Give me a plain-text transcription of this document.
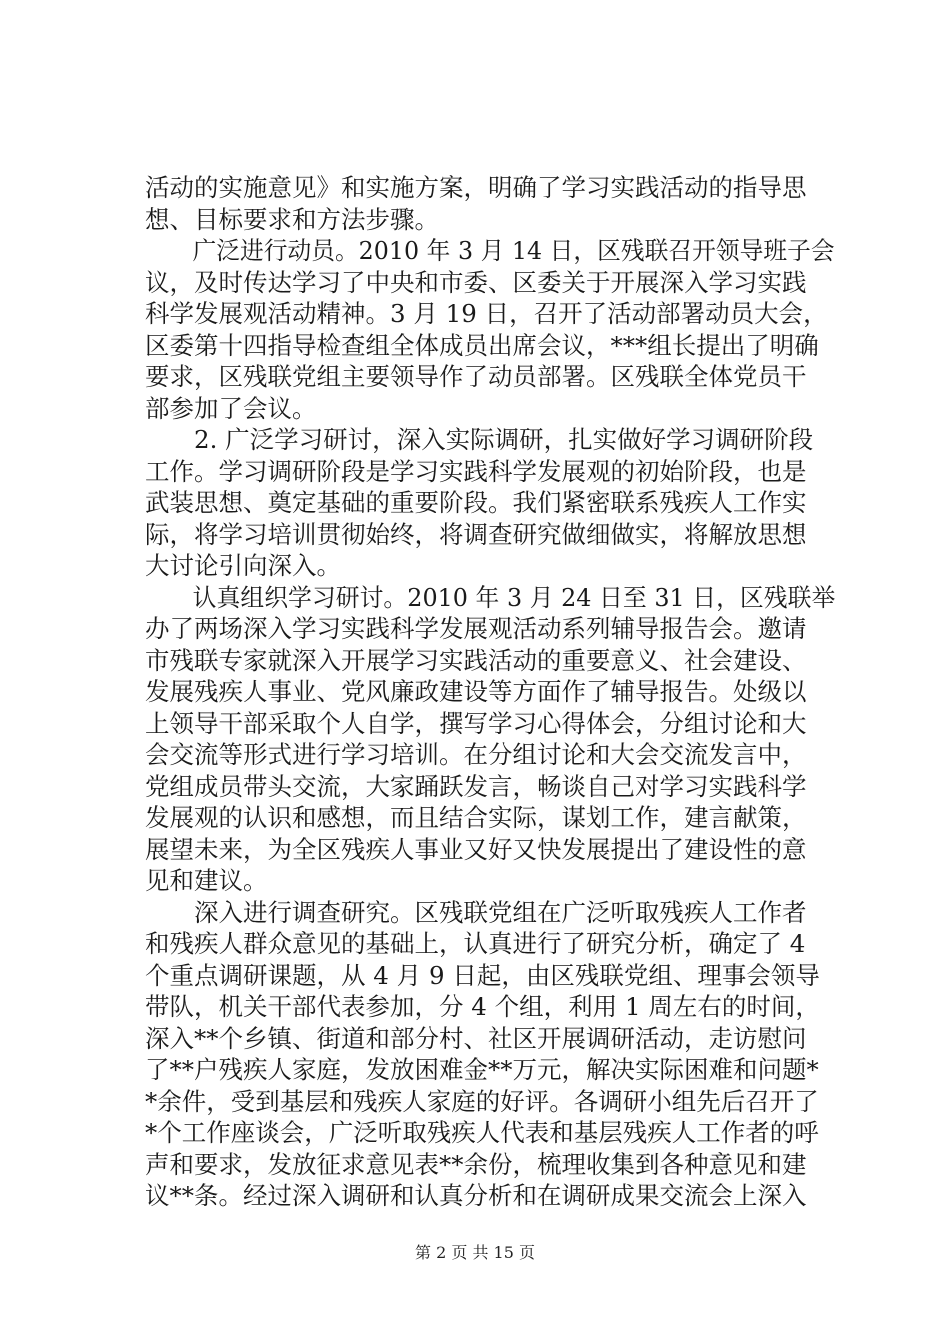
活动的实施意见》和实施方案，明确了学习实践活动的指导思
想、目标要求和方法步骤。
　　广泛进行动员。2010 年 3 月 14 日，区残联召开领导班子会
议，及时传达学习了中央和市委、区委关于开展深入学习实践
科学发展观活动精神。3 月 19 日，召开了活动部署动员大会，
区委第十四指导检查组全体成员出席会议，***组长提出了明确
要求，区残联党组主要领导作了动员部署。区残联全体党员干
部参加了会议。
　　2. 广泛学习研讨，深入实际调研，扎实做好学习调研阶段
工作。学习调研阶段是学习实践科学发展观的初始阶段，也是
武装思想、奠定基础的重要阶段。我们紧密联系残疾人工作实
际，将学习培训贯彻始终，将调查研究做细做实，将解放思想
大讨论引向深入。
　　认真组织学习研讨。2010 年 3 月 24 日至 31 日，区残联举
办了两场深入学习实践科学发展观活动系列辅导报告会。邀请
市残联专家就深入开展学习实践活动的重要意义、社会建设、
发展残疾人事业、党风廉政建设等方面作了辅导报告。处级以
上领导干部采取个人自学，撰写学习心得体会，分组讨论和大
会交流等形式进行学习培训。在分组讨论和大会交流发言中，
党组成员带头交流，大家踊跃发言，畅谈自己对学习实践科学
发展观的认识和感想，而且结合实际，谋划工作，建言献策，
展望未来，为全区残疾人事业又好又快发展提出了建设性的意
见和建议。
　　深入进行调查研究。区残联党组在广泛听取残疾人工作者
和残疾人群众意见的基础上，认真进行了研究分析，确定了 4
个重点调研课题，从 4 月 9 日起，由区残联党组、理事会领导
带队，机关干部代表参加，分 4 个组，利用 1 周左右的时间，
深入**个乡镇、街道和部分村、社区开展调研活动，走访慰问
了**户残疾人家庭，发放困难金**万元，解决实际困难和问题*
*余件，受到基层和残疾人家庭的好评。各调研小组先后召开了
*个工作座谈会，广泛听取残疾人代表和基层残疾人工作者的呼
声和要求，发放征求意见表**余份，梳理收集到各种意见和建
议**条。经过深入调研和认真分析和在调研成果交流会上深入
第 2 页 共 15 页
